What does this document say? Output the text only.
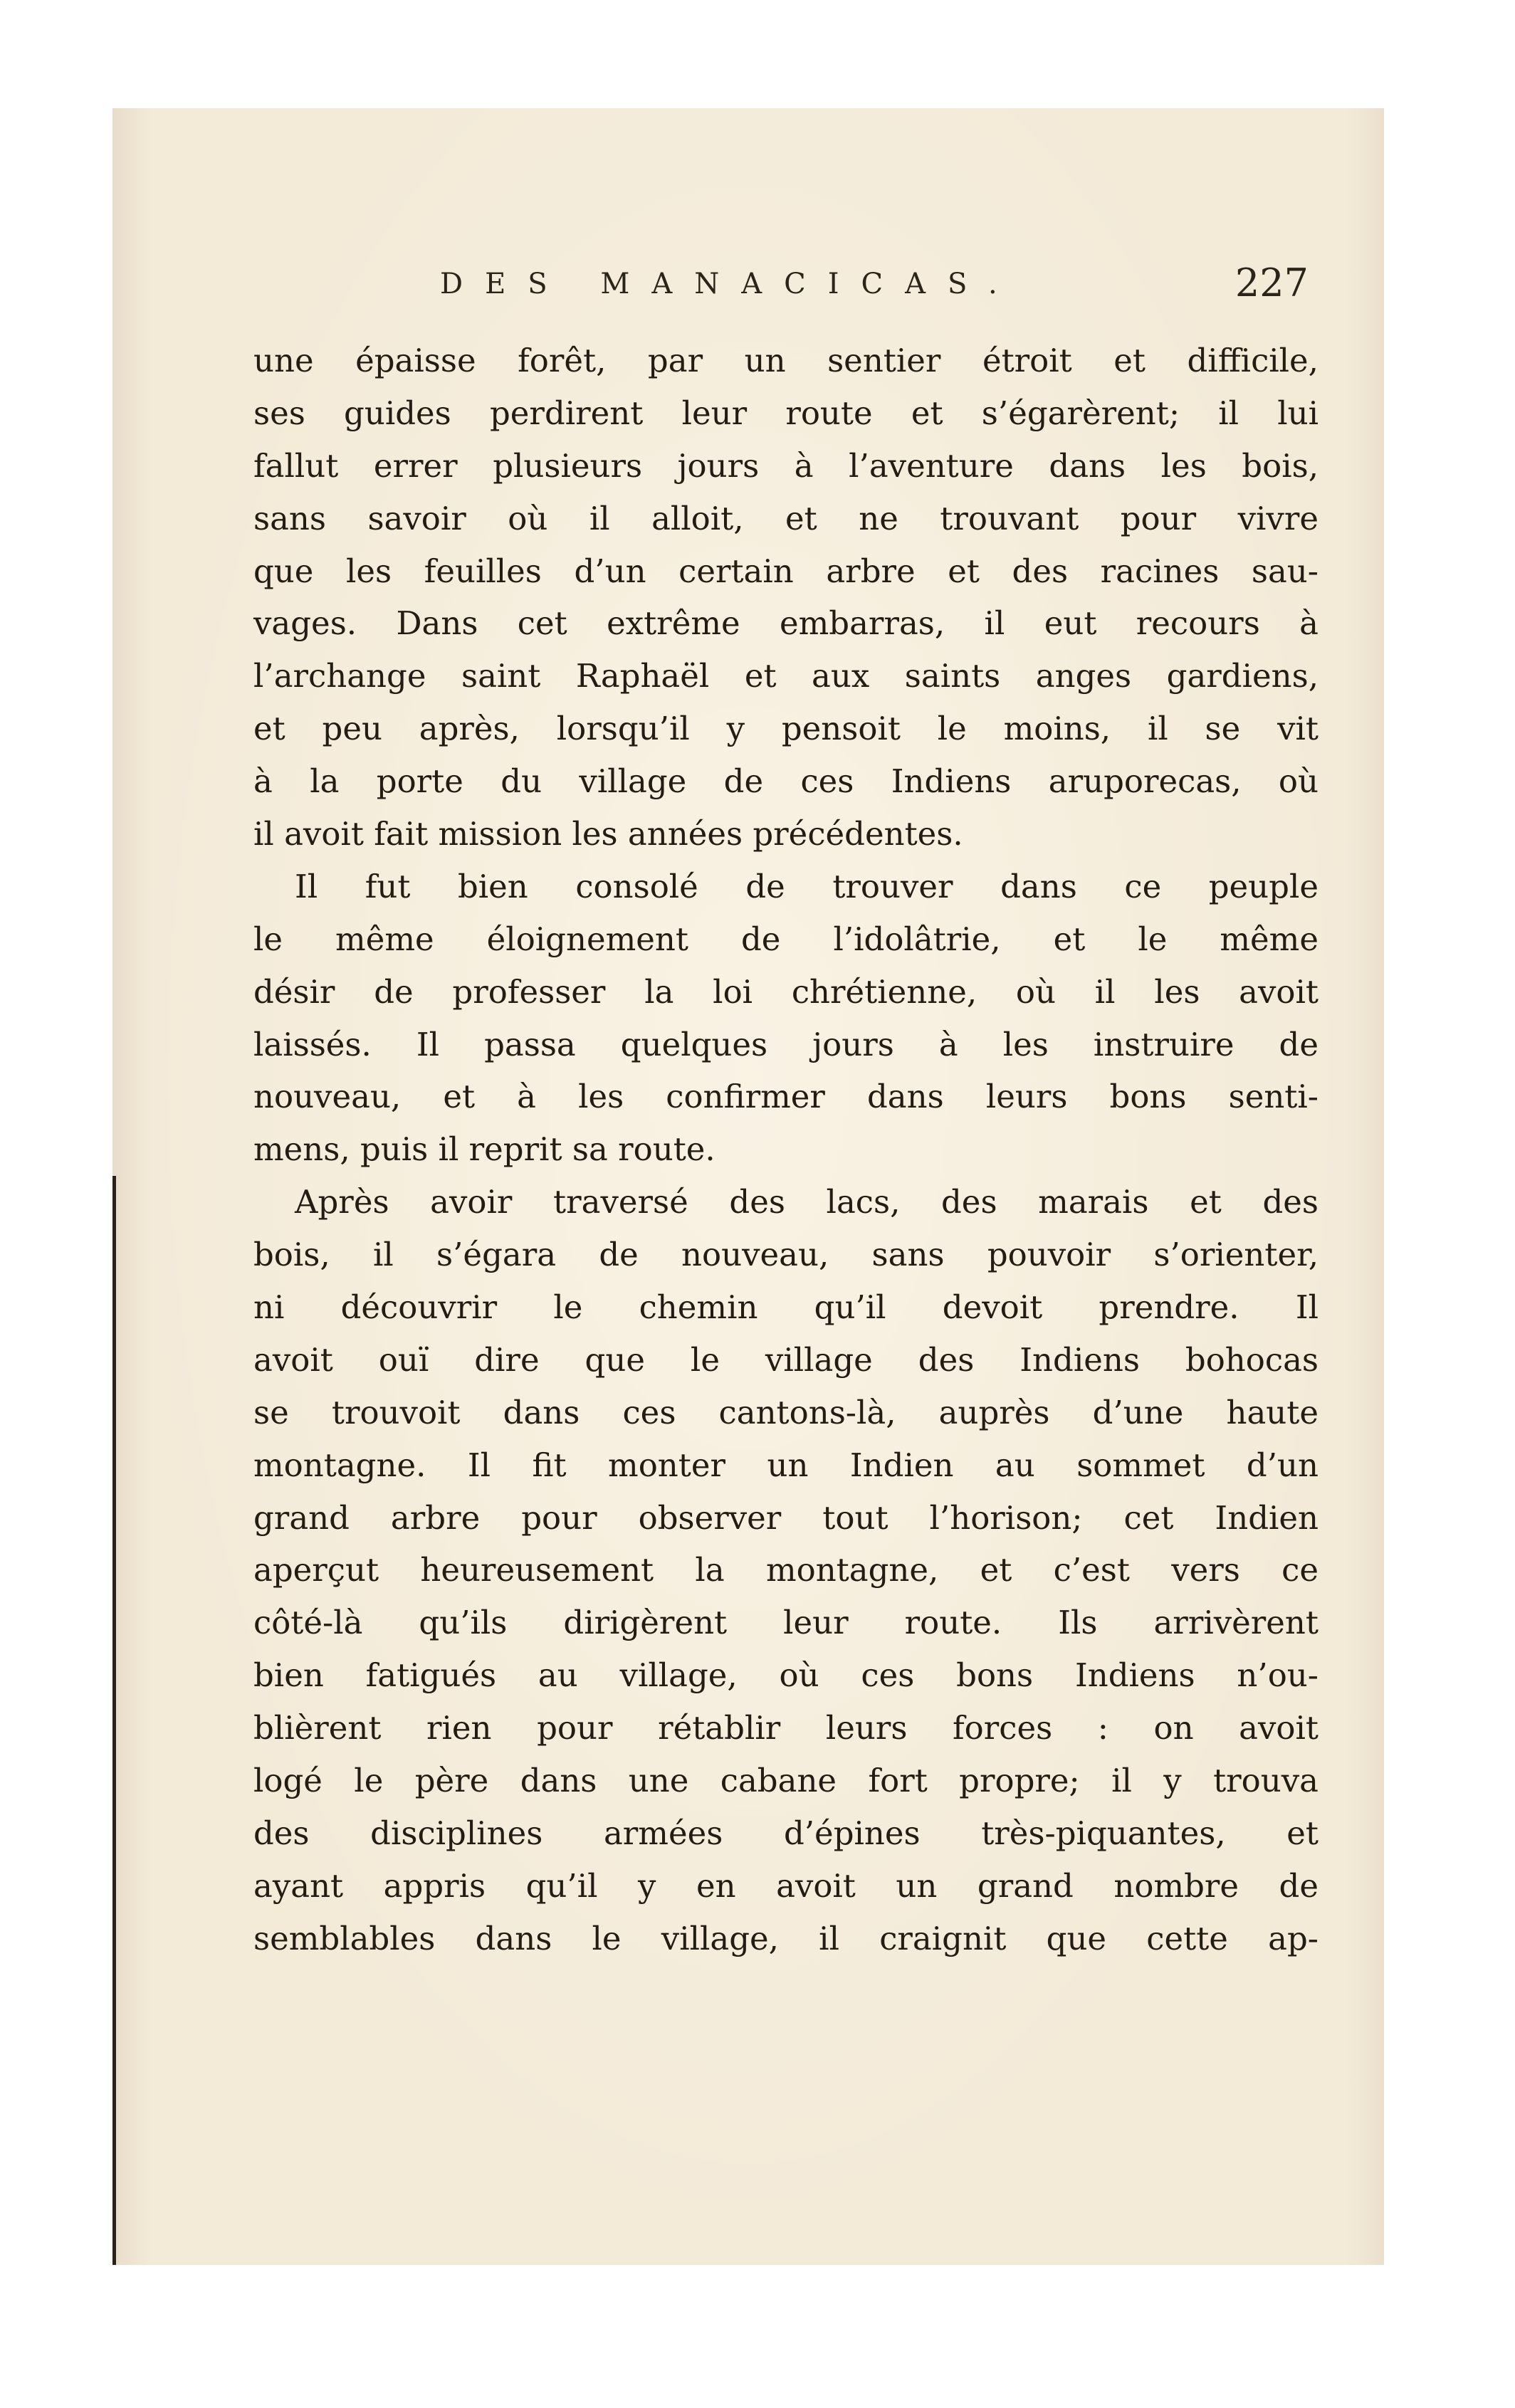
DES MANACICAS.	227
une épaisse forêt, par un sentier étroit et difficile,
ses guides perdirent leur route et s’égarèrent; il lui
fallut errer plusieurs jours à l’aventure dans les bois,
sans savoir où il alloit, et ne trouvant pour vivre
que les feuilles d’un certain arbre et des racines sau-
vages. Dans cet extrême embarras, il eut recours à
l’archange saint Raphaël et aux saints anges gardiens,
et peu après, lorsqu’il y pensoit le moins, il se vit
à la porte du village de ces Indiens aruporecas, où
il avoit fait mission les années précédentes.
Il fut bien consolé de trouver dans ce peuple
le même éloignement de l’idolâtrie, et le même
désir de professer la loi chrétienne, où il les avoit
laissés. Il passa quelques jours à les instruire de
nouveau, et à les confirmer dans leurs bons senti-
mens, puis il reprit sa route.
Après avoir traversé des lacs, des marais et des
bois, il s’égara de nouveau, sans pouvoir s’orienter,
ni découvrir le chemin qu’il devoit prendre. Il
avoit ouï dire que le village des Indiens bohocas
se trouvoit dans ces cantons-là, auprès d’une haute
montagne. Il fit monter un Indien au sommet d’un
grand arbre pour observer tout l’horison; cet Indien
aperçut heureusement la montagne, et c’est vers ce
côté-là qu’ils dirigèrent leur route. Ils arrivèrent
bien fatigués au village, où ces bons Indiens n’ou-
blièrent rien pour rétablir leurs forces : on avoit
logé le père dans une cabane fort propre; il y trouva
des disciplines armées d’épines très-piquantes, et
ayant appris qu’il y en avoit un grand nombre de
semblables dans le village, il craignit que cette ap-
